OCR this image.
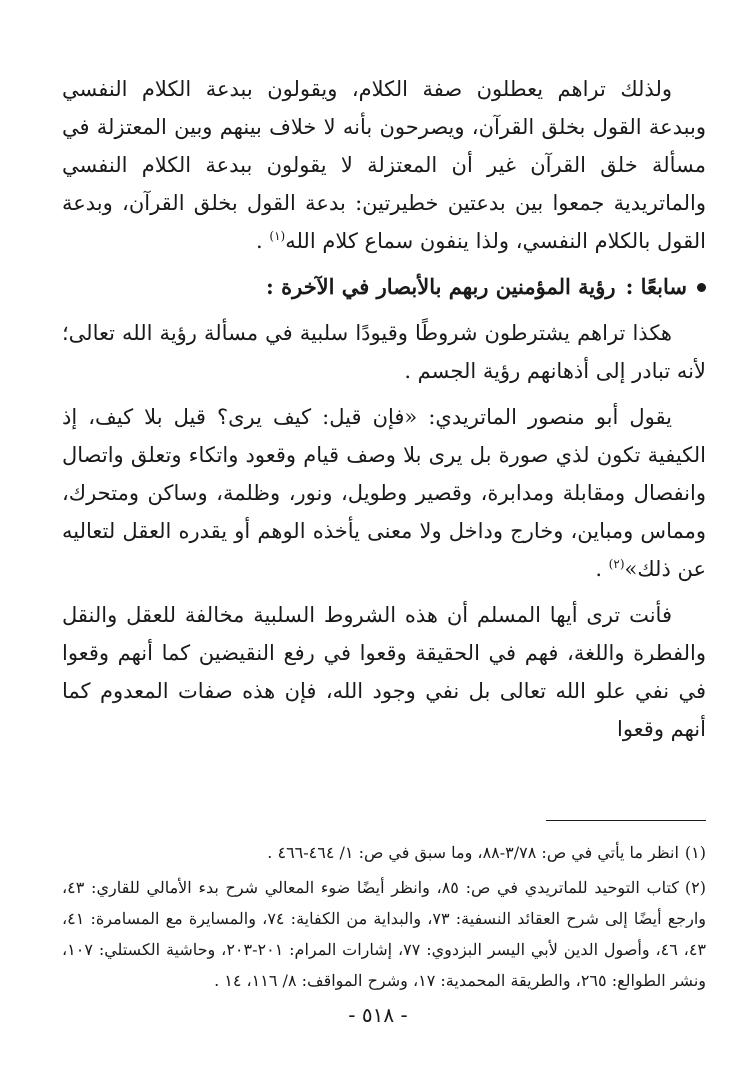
ولذلك تراهم يعطلون صفة الكلام، ويقولون ببدعة الكلام النفسي وببدعة القول بخلق القرآن، ويصرحون بأنه لا خلاف بينهم وبين المعتزلة في مسألة خلق القرآن غير أن المعتزلة لا يقولون ببدعة الكلام النفسي والماتريدية جمعوا بين بدعتين خطيرتين: بدعة القول بخلق القرآن، وبدعة القول بالكلام النفسي، ولذا ينفون سماع كلام الله$^{(١)}$ .

سابعًا :
رؤية المؤمنين ربهم بالأبصار في الآخرة :

هكذا تراهم يشترطون شروطًا وقيودًا سلبية في مسألة رؤية الله تعالى؛ لأنه تبادر إلى أذهانهم رؤية الجسم .

يقول أبو منصور الماتريدي: «فإن قيل: كيف يرى؟ قيل بلا كيف، إذ الكيفية تكون لذي صورة بل يرى بلا وصف قيام وقعود واتكاء وتعلق واتصال وانفصال ومقابلة ومدابرة، وقصير وطويل، ونور، وظلمة، وساكن ومتحرك، ومماس ومباين، وخارج وداخل ولا معنى يأخذه الوهم أو يقدره العقل لتعاليه عن ذلك»$^{(٢)}$ .

فأنت ترى أيها المسلم أن هذه الشروط السلبية مخالفة للعقل والنقل والفطرة واللغة، فهم في الحقيقة وقعوا في رفع النقيضين كما أنهم وقعوا في نفي علو الله تعالى بل نفي وجود الله، فإن هذه صفات المعدوم كما أنهم وقعوا

(١)انظر ما يأتي في ص: ٣/٧٨-٨٨، وما سبق في ص: ١/ ٤٦٤-٤٦٦ .

(٢)كتاب التوحيد للماتريدي في ص: ٨٥، وانظر أيضًا ضوء المعالي شرح بدء الأمالي للقاري: ٤٣، وارجع أيضًا إلى شرح العقائد النسفية: ٧٣، والبداية من الكفاية: ٧٤، والمسايرة مع المسامرة: ٤١، ٤٣، ٤٦، وأصول الدين لأبي اليسر البزدوي: ٧٧، إشارات المرام: ٢٠١-٢٠٣، وحاشية الكستلي: ١٠٧، ونشر الطوالع: ٢٦٥، والطريقة المحمدية: ١٧، وشرح المواقف: ٨/ ١١٦، ١٤ .

- ٥١٨ -
